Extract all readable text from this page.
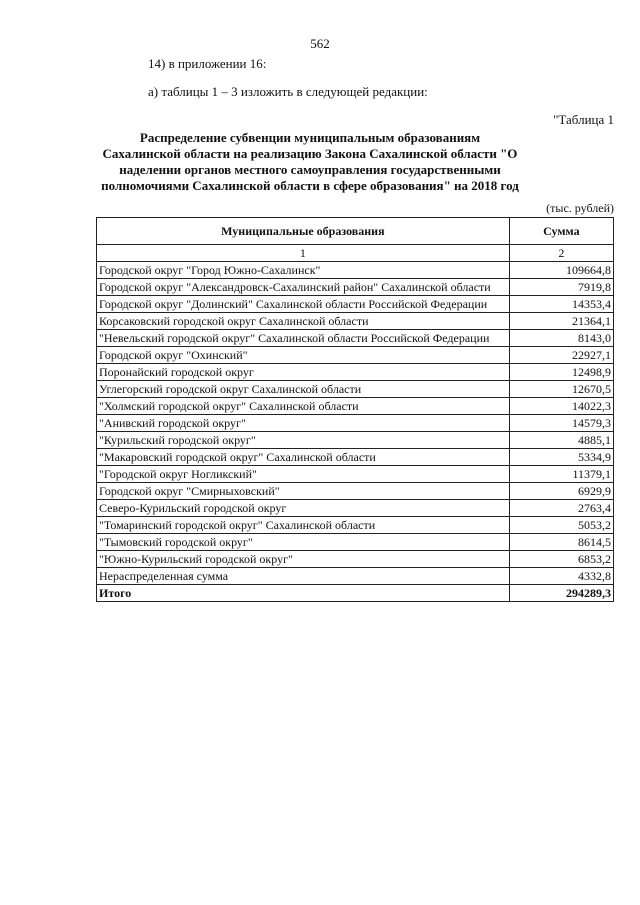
562
14) в приложении 16:
а) таблицы 1 – 3 изложить в следующей редакции:
"Таблица 1
Распределение субвенции муниципальным образованиям Сахалинской области на реализацию Закона Сахалинской области "О наделении органов местного самоуправления государственными полномочиями Сахалинской области в сфере образования" на 2018 год
(тыс. рублей)
Муниципальные образования	Сумма
1	2
Городской округ "Город Южно-Сахалинск"	109664,8
Городской округ "Александровск-Сахалинский район" Сахалинской области	7919,8
Городской округ "Долинский" Сахалинской области Российской Федерации	14353,4
Корсаковский городской округ Сахалинской области	21364,1
"Невельский городской округ" Сахалинской области Российской Федерации	8143,0
Городской округ "Охинский"	22927,1
Поронайский городской округ	12498,9
Углегорский городской округ Сахалинской области	12670,5
"Холмский городской округ" Сахалинской области	14022,3
"Анивский городской округ"	14579,3
"Курильский городской округ"	4885,1
"Макаровский городской округ" Сахалинской области	5334,9
"Городской округ Ногликский"	11379,1
Городской округ "Смирныховский"	6929,9
Северо-Курильский городской округ	2763,4
"Томаринский городской округ" Сахалинской области	5053,2
"Тымовский городской округ"	8614,5
"Южно-Курильский городской округ"	6853,2
Нераспределенная сумма	4332,8
Итого	294289,3
